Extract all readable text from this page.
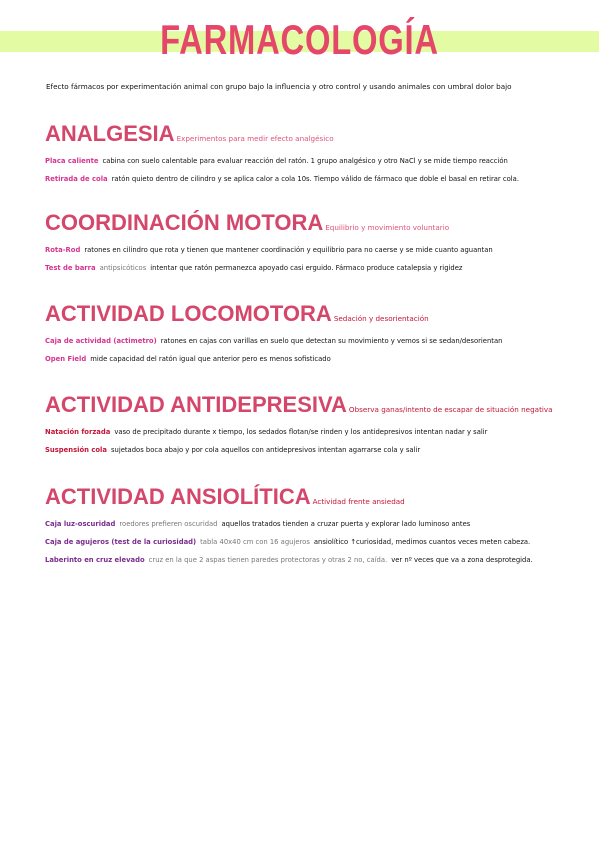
FARMACOLOGÍA
Efecto fármacos por experimentación animal con grupo bajo la influencia y otro control y usando animales con umbral dolor bajo
ANALGESIA Experimentos para medir efecto analgésico
Placa caliente cabina con suelo calentable para evaluar reacción del ratón. 1 grupo analgésico y otro NaCl y se mide tiempo reacción
Retirada de cola ratón quieto dentro de cilindro y se aplica calor a cola 10s. Tiempo válido de fármaco que doble el basal en retirar cola.
COORDINACIÓN MOTORA Equilibrio y movimiento voluntario
Rota-Rod ratones en cilindro que rota y tienen que mantener coordinación y equilibrio para no caerse y se mide cuanto aguantan
Test de barra antipsicóticos intentar que ratón permanezca apoyado casi erguido. Fármaco produce catalepsia y rigidez
ACTIVIDAD LOCOMOTORA Sedación y desorientación
Caja de actividad (actimetro) ratones en cajas con varillas en suelo que detectan su movimiento y vemos si se sedan/desorientan
Open Field mide capacidad del ratón igual que anterior pero es menos sofisticado
ACTIVIDAD ANTIDEPRESIVA Observa ganas/intento de escapar de situación negativa
Natación forzada vaso de precipitado durante x tiempo, los sedados flotan/se rinden y los antidepresivos intentan nadar y salir
Suspensión cola sujetados boca abajo y por cola aquellos con antidepresivos intentan agarrarse cola y salir
ACTIVIDAD ANSIOLÍTICA Actividad frente ansiedad
Caja luz-oscuridad roedores prefieren oscuridad aquellos tratados tienden a cruzar puerta y explorar lado luminoso antes
Caja de agujeros (test de la curiosidad) tabla 40x40 cm con 16 agujeros ansiolítico ↑curiosidad, medimos cuantos veces meten cabeza.
Laberinto en cruz elevado cruz en la que 2 aspas tienen paredes protectoras y otras 2 no, caída. ver nº veces que va a zona desprotegida.
